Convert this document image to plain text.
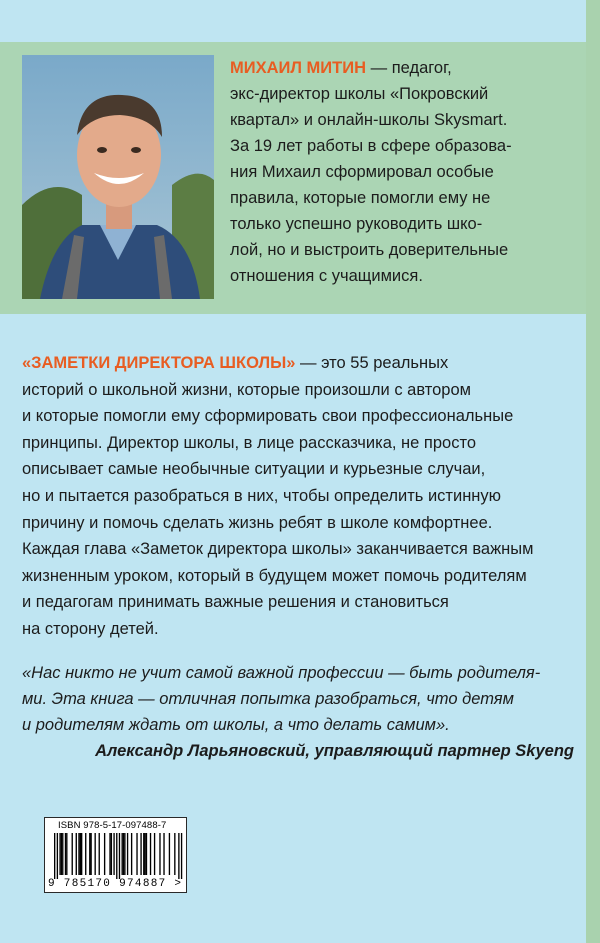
МИХАИЛ МИТИН — педагог,

экс-директор школы «Покровский

квартал» и онлайн-школы Skysmart.

За 19 лет работы в сфере образова-

ния Михаил сформировал особые

правила, которые помогли ему не

только успешно руководить шко-

лой, но и выстроить доверительные

отношения с учащимися.

«ЗАМЕТКИ ДИРЕКТОРА ШКОЛЫ» — это 55 реальных

историй о школьной жизни, которые произошли с автором

и которые помогли ему сформировать свои профессиональные

принципы. Директор школы, в лице рассказчика, не просто

описывает самые необычные ситуации и курьезные случаи,

но и пытается разобраться в них, чтобы определить истинную

причину и помочь сделать жизнь ребят в школе комфортнее.

Каждая глава «Заметок директора школы» заканчивается важным

жизненным уроком, который в будущем может помочь родителям

и педагогам принимать важные решения и становиться

на сторону детей.

«Нас никто не учит самой важной профессии — быть родителя-

ми. Эта книга — отличная попытка разобраться, что детям

и родителям ждать от школы, а что делать самим».

Александр Ларьяновский, управляющий партнер Skyeng
ISBN 978-5-17-097488-7
9 785170 974887 >
